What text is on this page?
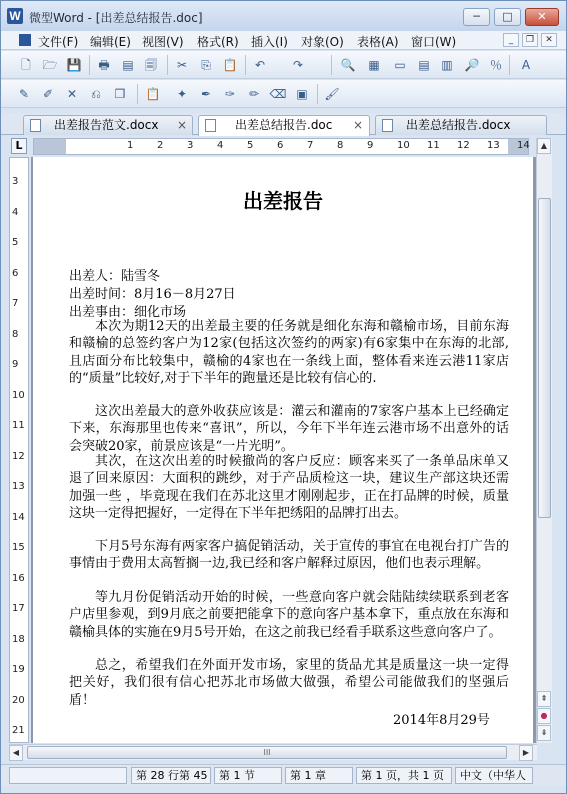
W 微型Word - [出差总结报告.doc]	─	□	✕
文件(F) 编辑(E) 视图(V) 格式(R) 插入(I) 对象(O) 表格(A) 窗口(W)	_	❐	✕
🗋 🗁 💾 🖶 ▤ 🗐	✂	⎘ 📋	↶	↷	🔍 ▦ ▭ ▤ ▥ 🔎 ％	A
✎	✐	✕	⎌	❒	📋	✦	✒	✑	✏ ⌫ ▣ 🖌
出差报告范文.docx ×	出差总结报告.doc ×	出差总结报告.docx
L	1 2 3 4 5 6 7 8 9 10 11 12 13 14
3
4
5
6
7
8
9
10
11
12
13
14
15
16
17
18
19
20
21
出差报告
出差人：陆雪冬
出差时间：8月16－8月27日
出差事由：细化市场
本次为期12天的出差最主要的任务就是细化东海和赣榆市场，目前东海和赣榆的总签约客户为12家(包括这次签约的两家)有6家集中在东海的北部,且店面分布比较集中，赣榆的4家也在一条线上面，整体看来连云港11家店的“质量”比较好,对于下半年的跑量还是比较有信心的.
这次出差最大的意外收获应该是：灌云和灌南的7家客户基本上已经确定下来，东海那里也传来“喜讯”，所以，今年下半年连云港市场不出意外的话会突破20家，前景应该是“一片光明”。
其次，在这次出差的时候撤尚的客户反应：顾客来买了一条单品床单又退了回来原因：大面积的跳纱，对于产品质检这一块，建议生产部这块还需加强一些 ，毕竟现在我们在苏北这里才刚刚起步，正在打品牌的时候，质量这块一定得把握好，一定得在下半年把绣阳的品牌打出去。
下月5号东海有两家客户搞促销活动，关于宣传的事宜在电视台打广告的事情由于费用太高暂搁一边,我已经和客户解释过原因，他们也表示理解。
等九月份促销活动开始的时候，一些意向客户就会陆陆续续联系到老客户店里参观，到9月底之前要把能拿下的意向客户基本拿下，重点放在东海和赣榆具体的实施在9月5号开始，在这之前我已经看手联系这些意向客户了。
总之，希望我们在外面开发市场，家里的货品尤其是质量这一块一定得把关好，我们很有信心把苏北市场做大做强，希望公司能做我们的坚强后盾！
2014年8月29号
▲
⇞
●
⇟
◀	III	▶
第 28 行第 45	第 1 节	第 1 章	第 1 页，共 1 页	中文（中华人
